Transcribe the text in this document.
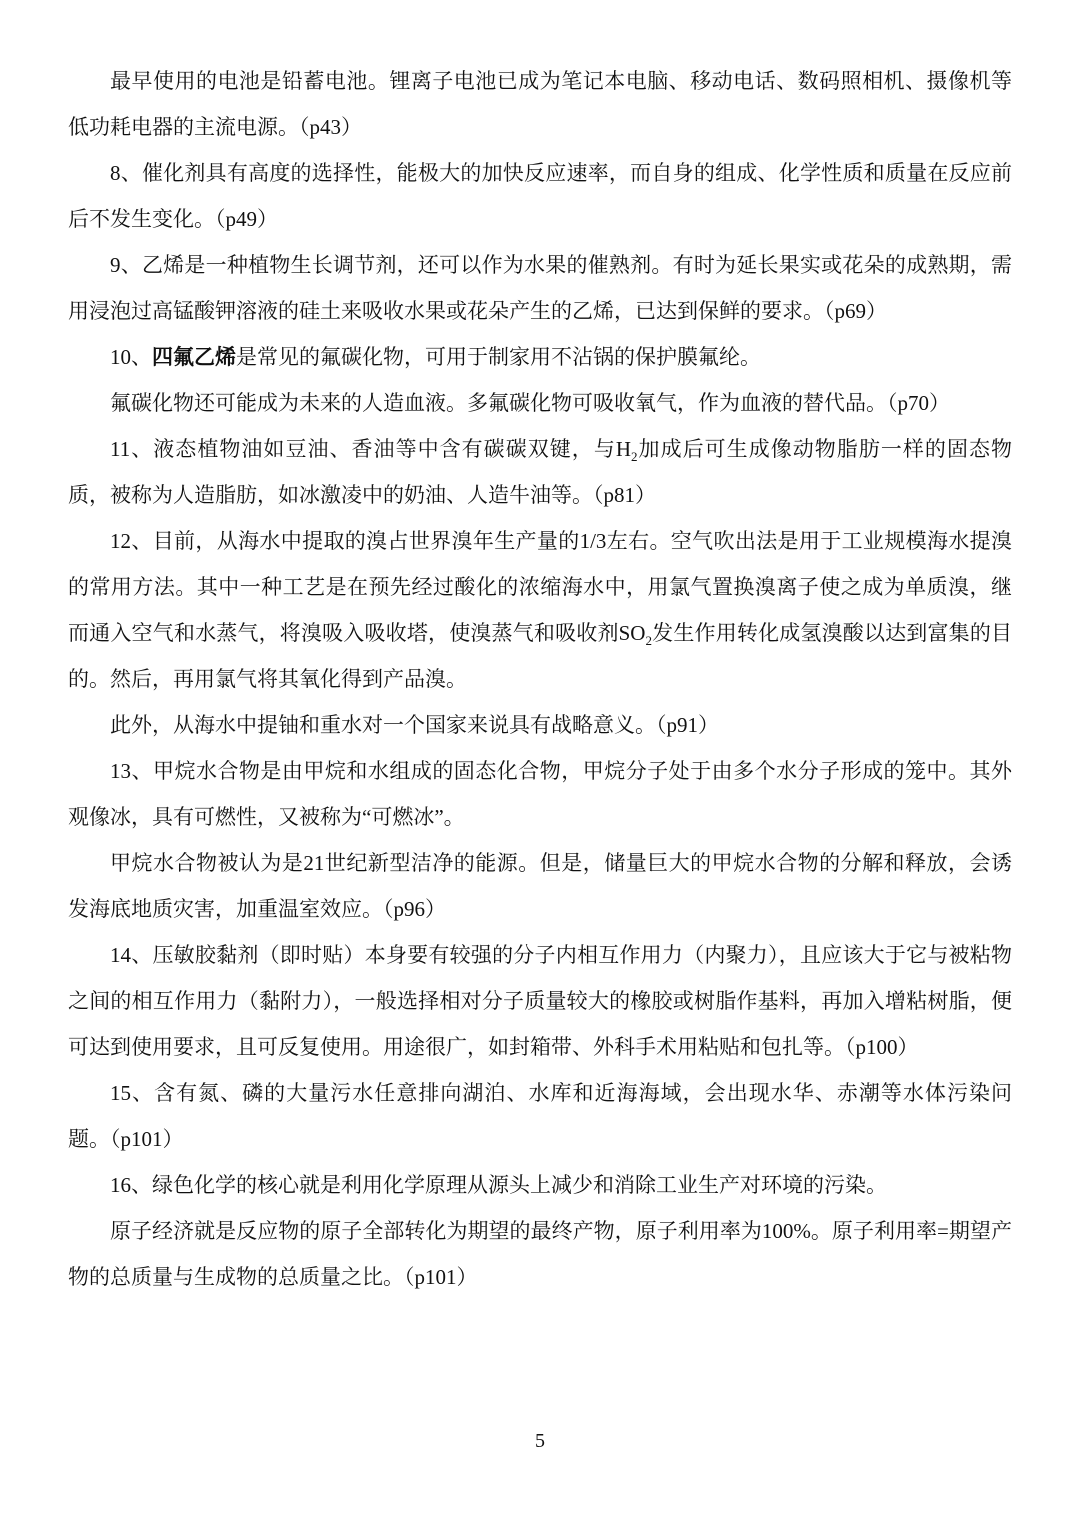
最早使用的电池是铅蓄电池。锂离子电池已成为笔记本电脑、移动电话、数码照相机、摄像机等低功耗电器的主流电源。（p43）

8、催化剂具有高度的选择性，能极大的加快反应速率，而自身的组成、化学性质和质量在反应前后不发生变化。（p49）

9、乙烯是一种植物生长调节剂，还可以作为水果的催熟剂。有时为延长果实或花朵的成熟期，需用浸泡过高锰酸钾溶液的硅土来吸收水果或花朵产生的乙烯，已达到保鲜的要求。（p69）

10、四氟乙烯是常见的氟碳化物，可用于制家用不沾锅的保护膜氟纶。

氟碳化物还可能成为未来的人造血液。多氟碳化物可吸收氧气，作为血液的替代品。（p70）

11、液态植物油如豆油、香油等中含有碳碳双键，与$H_2$加成后可生成像动物脂肪一样的固态物质，被称为人造脂肪，如冰激凌中的奶油、人造牛油等。（p81）

12、目前，从海水中提取的溴占世界溴年生产量的1/3左右。空气吹出法是用于工业规模海水提溴的常用方法。其中一种工艺是在预先经过酸化的浓缩海水中，用氯气置换溴离子使之成为单质溴，继而通入空气和水蒸气，将溴吸入吸收塔，使溴蒸气和吸收剂$SO_2$发生作用转化成氢溴酸以达到富集的目的。然后，再用氯气将其氧化得到产品溴。

此外，从海水中提铀和重水对一个国家来说具有战略意义。（p91）

13、甲烷水合物是由甲烷和水组成的固态化合物，甲烷分子处于由多个水分子形成的笼中。其外观像冰，具有可燃性，又被称为“可燃冰”。

甲烷水合物被认为是21世纪新型洁净的能源。但是，储量巨大的甲烷水合物的分解和释放，会诱发海底地质灾害，加重温室效应。（p96）

14、压敏胶黏剂（即时贴）本身要有较强的分子内相互作用力（内聚力），且应该大于它与被粘物之间的相互作用力（黏附力），一般选择相对分子质量较大的橡胶或树脂作基料，再加入增粘树脂，便可达到使用要求，且可反复使用。用途很广，如封箱带、外科手术用粘贴和包扎等。（p100）

15、含有氮、磷的大量污水任意排向湖泊、水库和近海海域，会出现水华、赤潮等水体污染问题。（p101）

16、绿色化学的核心就是利用化学原理从源头上减少和消除工业生产对环境的污染。

原子经济就是反应物的原子全部转化为期望的最终产物，原子利用率为100%。原子利用率=期望产物的总质量与生成物的总质量之比。（p101）

5
